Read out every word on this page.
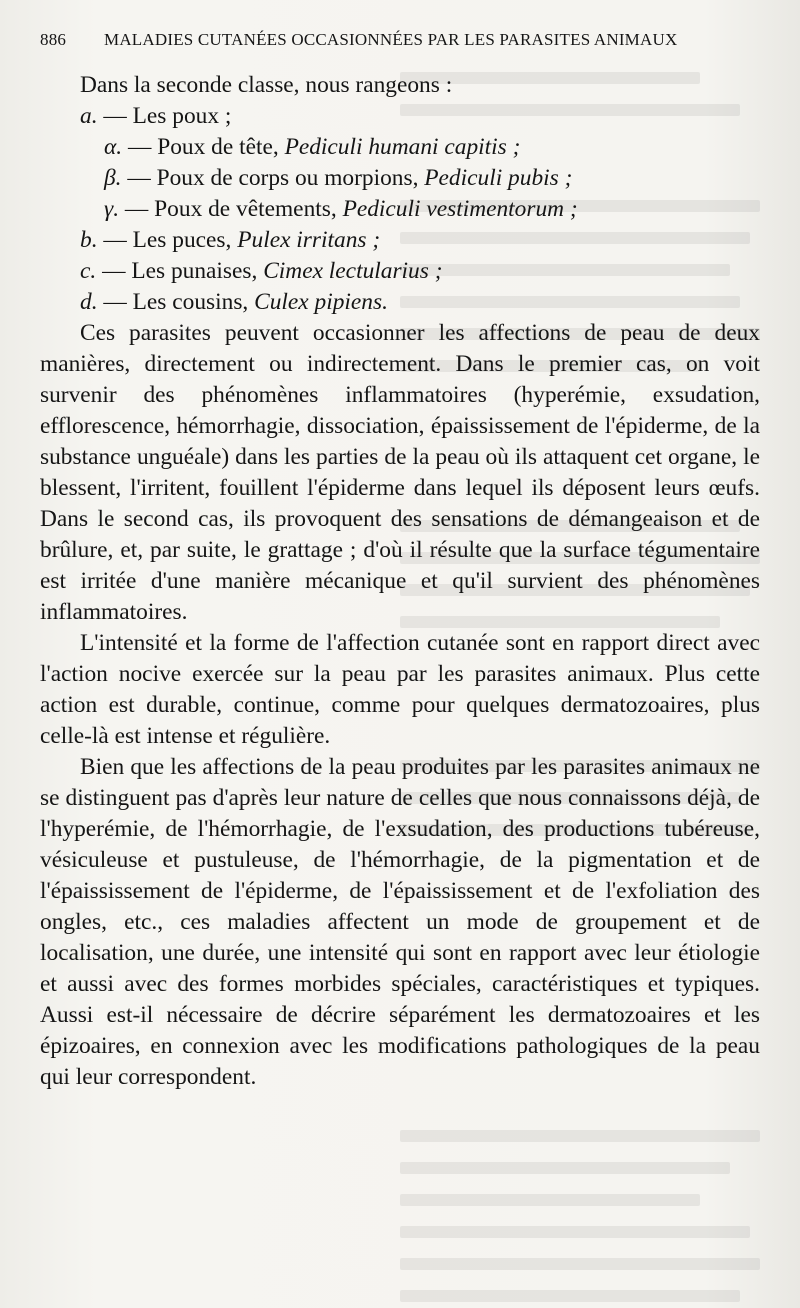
886 MALADIES CUTANÉES OCCASIONNÉES PAR LES PARASITES ANIMAUX
Dans la seconde classe, nous rangeons :
a. — Les poux ;
α. — Poux de tête, Pediculi humani capitis ;
β. — Poux de corps ou morpions, Pediculi pubis ;
γ. — Poux de vêtements, Pediculi vestimentorum ;
b. — Les puces, Pulex irritans ;
c. — Les punaises, Cimex lectularius ;
d. — Les cousins, Culex pipiens.

Ces parasites peuvent occasionner les affections de peau de deux manières, directement ou indirectement. Dans le premier cas, on voit survenir des phénomènes inflammatoires (hyperémie, exsudation, efflorescence, hémorrhagie, dissociation, épaississement de l'épiderme, de la substance unguéale) dans les parties de la peau où ils attaquent cet organe, le blessent, l'irritent, fouillent l'épiderme dans lequel ils déposent leurs œufs. Dans le second cas, ils provoquent des sensations de démangeaison et de brûlure, et, par suite, le grattage ; d'où il résulte que la surface tégumentaire est irritée d'une manière mécanique et qu'il survient des phénomènes inflammatoires.

L'intensité et la forme de l'affection cutanée sont en rapport direct avec l'action nocive exercée sur la peau par les parasites animaux. Plus cette action est durable, continue, comme pour quelques dermatozoaires, plus celle-là est intense et régulière.

Bien que les affections de la peau produites par les parasites animaux ne se distinguent pas d'après leur nature de celles que nous connaissons déjà, de l'hyperémie, de l'hémorrhagie, de l'exsudation, des productions tubéreuse, vésiculeuse et pustuleuse, de l'hémorrhagie, de la pigmentation et de l'épaississement de l'épiderme, de l'épaississement et de l'exfoliation des ongles, etc., ces maladies affectent un mode de groupement et de localisation, une durée, une intensité qui sont en rapport avec leur étiologie et aussi avec des formes morbides spéciales, caractéristiques et typiques. Aussi est-il nécessaire de décrire séparément les dermatozoaires et les épizoaires, en connexion avec les modifications pathologiques de la peau qui leur correspondent.
